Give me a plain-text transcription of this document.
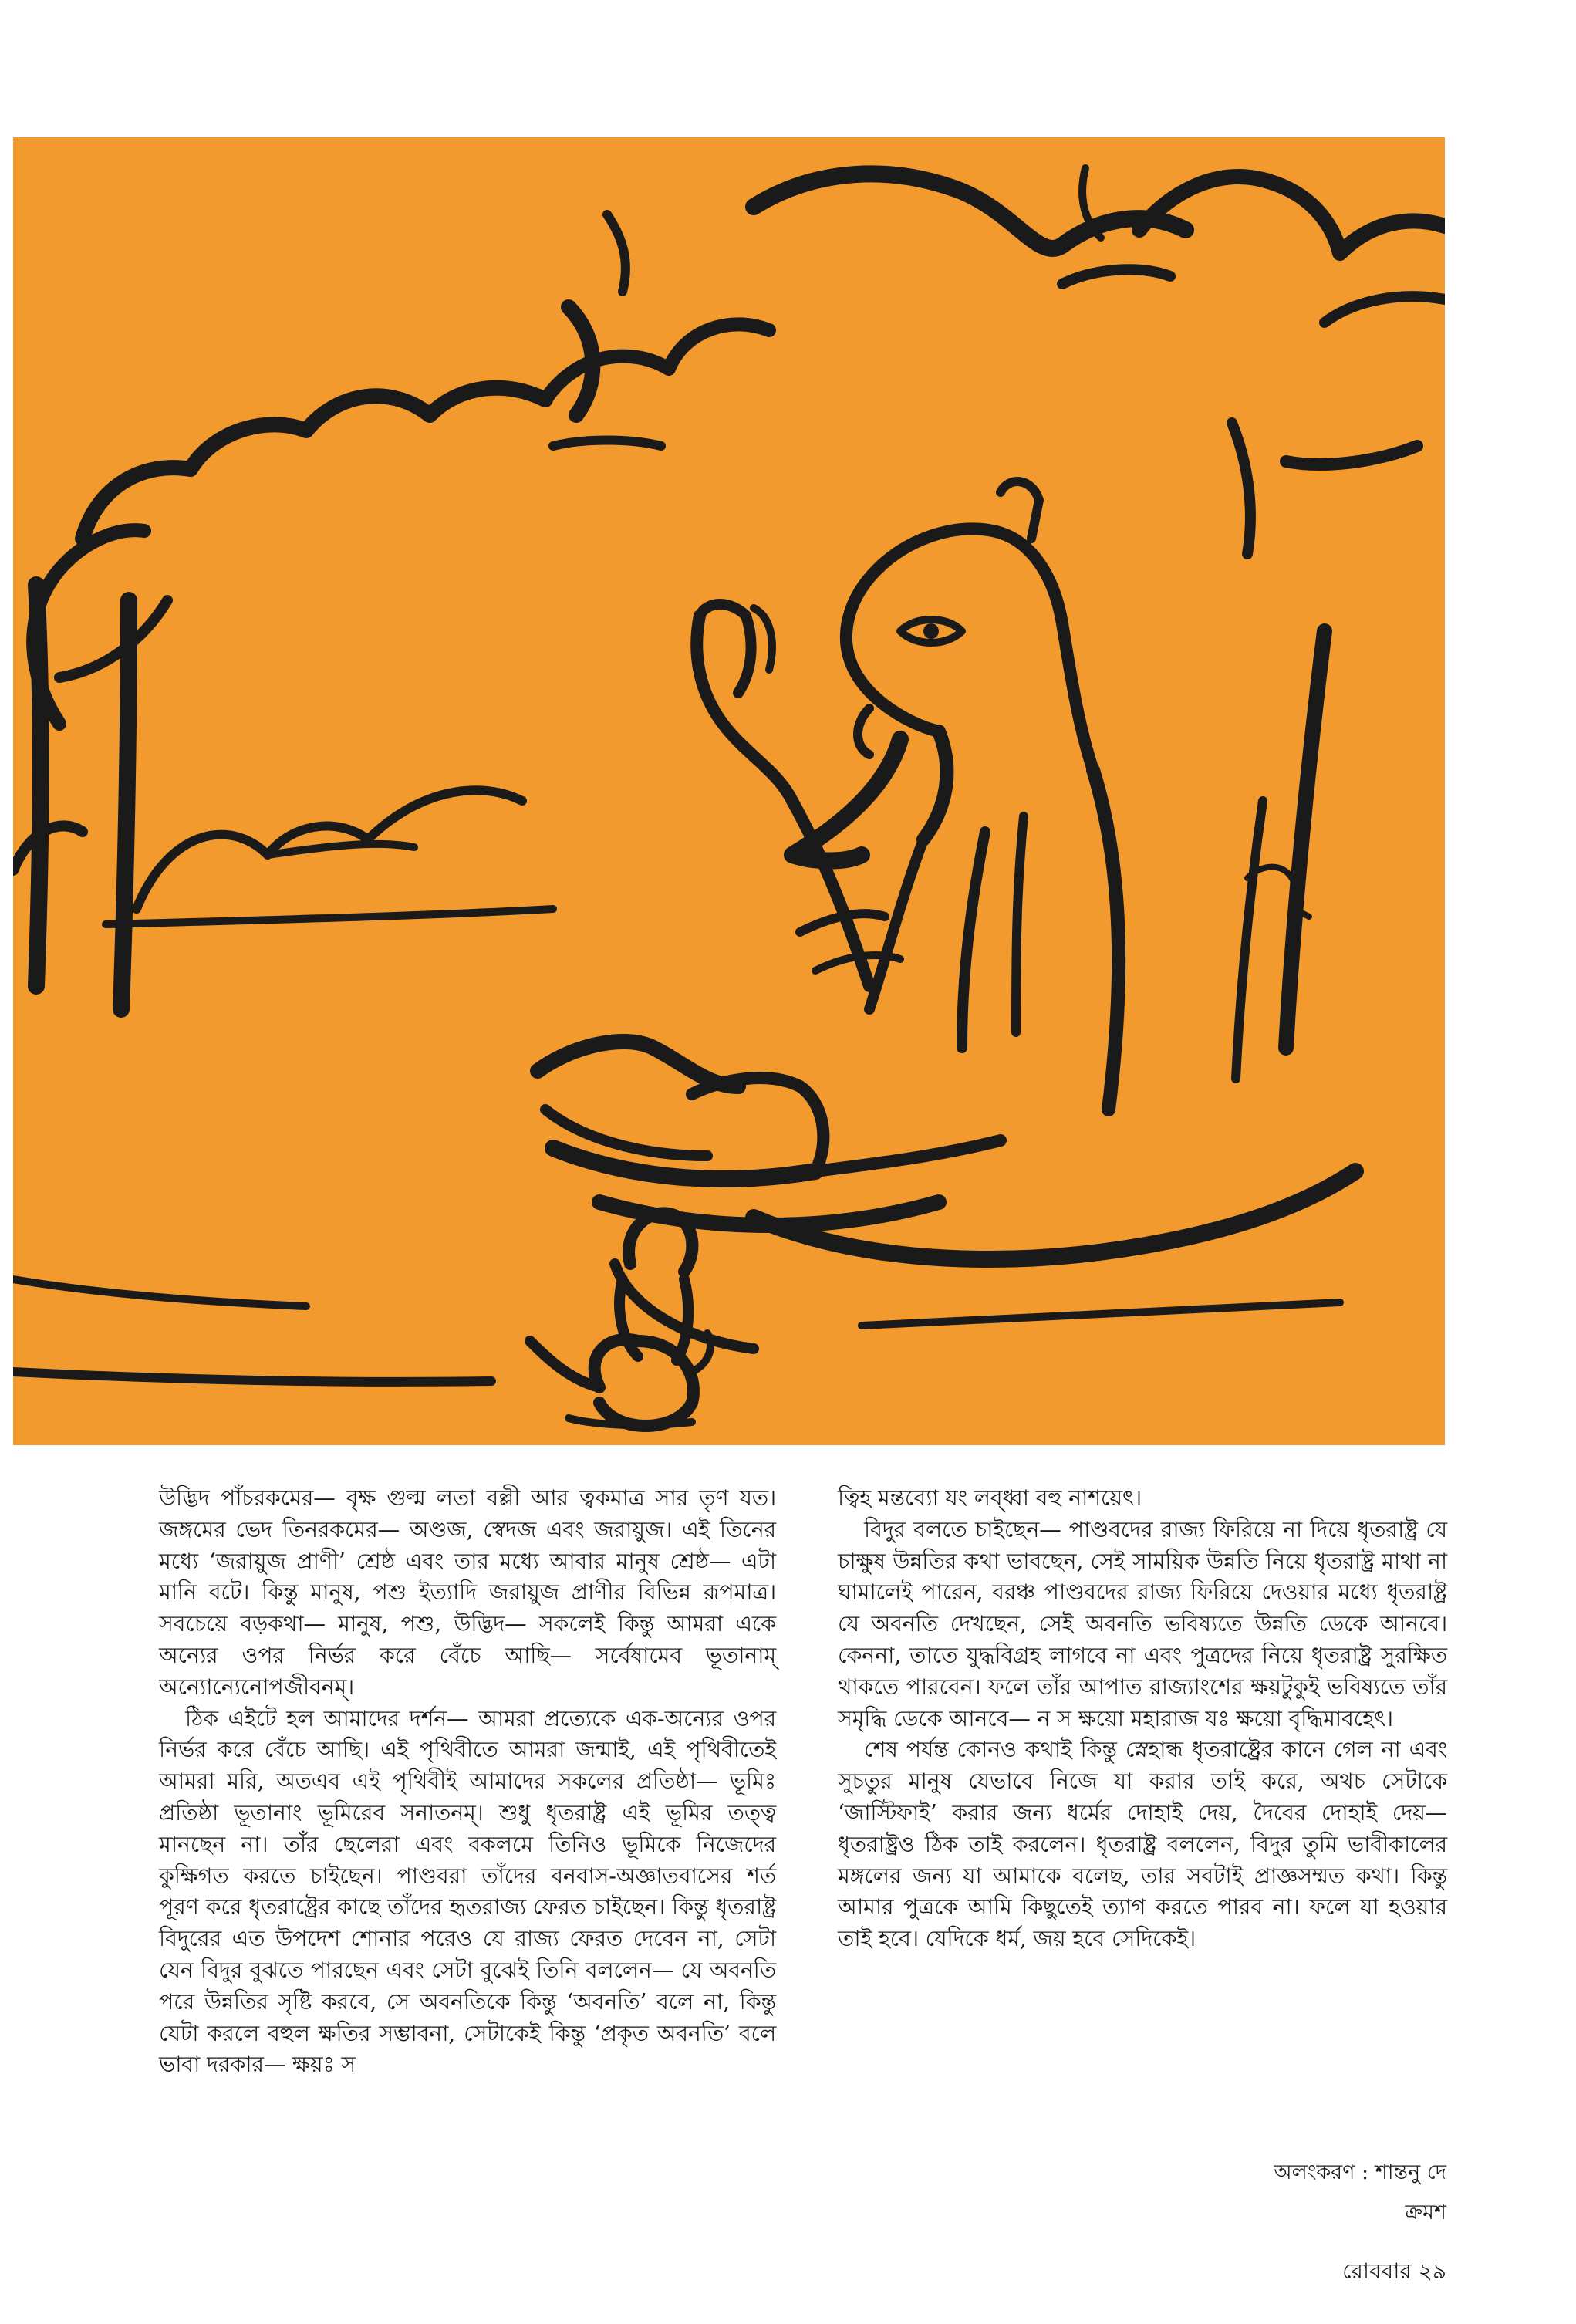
উদ্ভিদ পাঁচরকমের— বৃক্ষ গুল্ম লতা বল্লী আর ত্বকমাত্র সার তৃণ যত। জঙ্গমের ভেদ তিনরকমের— অণ্ডজ, স্বেদজ এবং জরায়ুজ। এই তিনের মধ্যে ‘জরায়ুজ প্রাণী’ শ্রেষ্ঠ এবং তার মধ্যে আবার মানুষ শ্রেষ্ঠ— এটা মানি বটে। কিন্তু মানুষ, পশু ইত্যাদি জরায়ুজ প্রাণীর বিভিন্ন রূপমাত্র। সবচেয়ে বড়কথা— মানুষ, পশু, উদ্ভিদ— সকলেই কিন্তু আমরা একে অন্যের ওপর নির্ভর করে বেঁচে আছি— সর্বেষামেব ভূতানাম্‌ অন্যোন্যেনোপজীবনম্‌।

ঠিক এইটে হল আমাদের দর্শন— আমরা প্রত্যেকে এক-অন্যের ওপর নির্ভর করে বেঁচে আছি। এই পৃথিবীতে আমরা জন্মাই, এই পৃথিবীতেই আমরা মরি, অতএব এই পৃথিবীই আমাদের সকলের প্রতিষ্ঠা— ভূমিঃ প্রতিষ্ঠা ভূতানাং ভূমিরেব সনাতনম্‌। শুধু ধৃতরাষ্ট্র এই ভূমির তত্ত্ব মানছেন না। তাঁর ছেলেরা এবং বকলমে তিনিও ভূমিকে নিজেদের কুক্ষিগত করতে চাইছেন। পাণ্ডবরা তাঁদের বনবাস-অজ্ঞাতবাসের শর্ত পূরণ করে ধৃতরাষ্ট্রের কাছে তাঁদের হৃতরাজ্য ফেরত চাইছেন। কিন্তু ধৃতরাষ্ট্র বিদুরের এত উপদেশ শোনার পরেও যে রাজ্য ফেরত দেবেন না, সেটা যেন বিদুর বুঝতে পারছেন এবং সেটা বুঝেই তিনি বললেন— যে অবনতি পরে উন্নতির সৃষ্টি করবে, সে অবনতিকে কিন্তু ‘অবনতি’ বলে না, কিন্তু যেটা করলে বহুল ক্ষতির সম্ভাবনা, সেটাকেই কিন্তু ‘প্রকৃত অবনতি’ বলে ভাবা দরকার— ক্ষয়ঃ স

ত্বিহ মন্তব্যো যং লব্ধ্বা বহু নাশয়েৎ।

বিদুর বলতে চাইছেন— পাণ্ডবদের রাজ্য ফিরিয়ে না দিয়ে ধৃতরাষ্ট্র যে চাক্ষুষ উন্নতির কথা ভাবছেন, সেই সাময়িক উন্নতি নিয়ে ধৃতরাষ্ট্র মাথা না ঘামালেই পারেন, বরঞ্চ পাণ্ডবদের রাজ্য ফিরিয়ে দেওয়ার মধ্যে ধৃতরাষ্ট্র যে অবনতি দেখছেন, সেই অবনতি ভবিষ্যতে উন্নতি ডেকে আনবে। কেননা, তাতে যুদ্ধবিগ্রহ লাগবে না এবং পুত্রদের নিয়ে ধৃতরাষ্ট্র সুরক্ষিত থাকতে পারবেন। ফলে তাঁর আপাত রাজ্যাংশের ক্ষয়টুকুই ভবিষ্যতে তাঁর সমৃদ্ধি ডেকে আনবে— ন স ক্ষয়ো মহারাজ যঃ ক্ষয়ো বৃদ্ধিমাবহেৎ।

শেষ পর্যন্ত কোনও কথাই কিন্তু স্নেহান্ধ ধৃতরাষ্ট্রের কানে গেল না এবং সুচতুর মানুষ যেভাবে নিজে যা করার তাই করে, অথচ সেটাকে ‘জাস্টিফাই’ করার জন্য ধর্মের দোহাই দেয়, দৈবের দোহাই দেয়— ধৃতরাষ্ট্রও ঠিক তাই করলেন। ধৃতরাষ্ট্র বললেন, বিদুর তুমি ভাবীকালের মঙ্গলের জন্য যা আমাকে বলেছ, তার সবটাই প্রাজ্ঞসম্মত কথা। কিন্তু আমার পুত্রকে আমি কিছুতেই ত্যাগ করতে পারব না। ফলে যা হওয়ার তাই হবে। যেদিকে ধর্ম, জয় হবে সেদিকেই।

অলংকরণ : শান্তনু দে
ক্রমশ
রোববার ২৯
